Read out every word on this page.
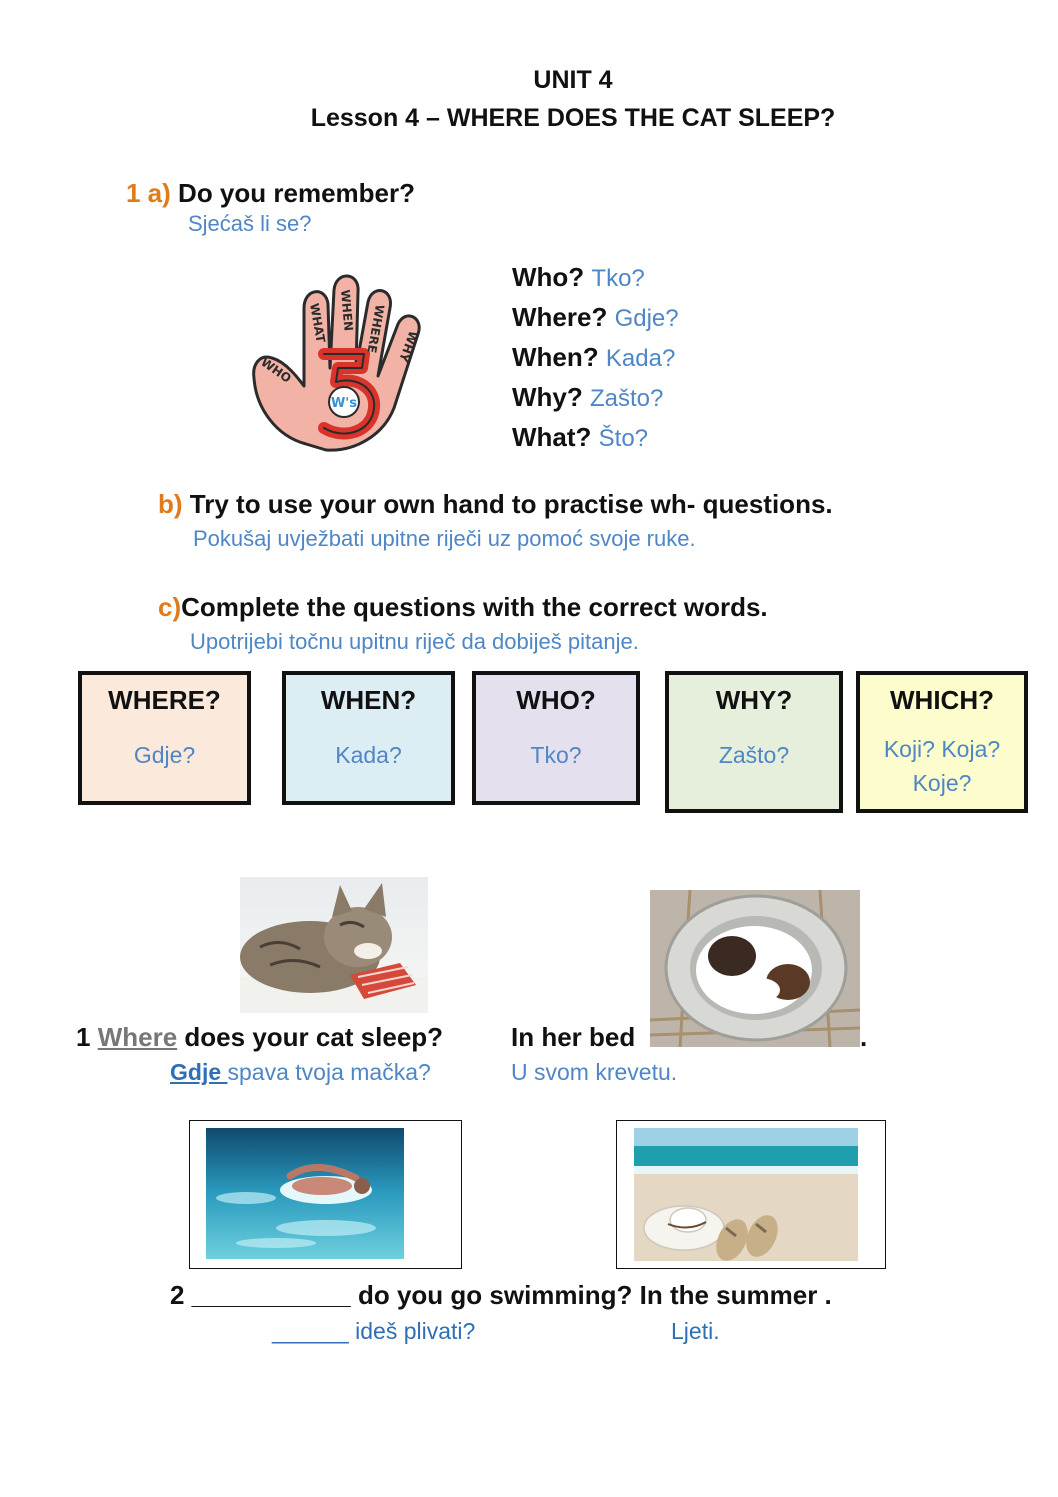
UNIT 4
Lesson 4 – WHERE DOES THE CAT SLEEP?
1 a) Do you remember?
Sjećaš li se?
WHO
WHAT WHEN WHERE WHY
W's
Who? Tko?
Where? Gdje?
When? Kada?
Why? Zašto?
What? Što?
b) Try to use your own hand to practise wh- questions.
Pokušaj uvježbati upitne riječi uz pomoć svoje ruke.
c)Complete the questions with the correct words.
Upotrijebi točnu upitnu riječ da dobiješ pitanje.
WHERE?
Gdje?
WHEN?
Kada?
WHO?
Tko?
WHY?
Zašto?
WHICH?
Koji? Koja? Koje?
1 Where does your cat sleep?	In her bed	.
Gdje spava tvoja mačka?	U svom krevetu.
2 ___________ do you go swimming? In the summer .
______ ideš plivati?	Ljeti.
